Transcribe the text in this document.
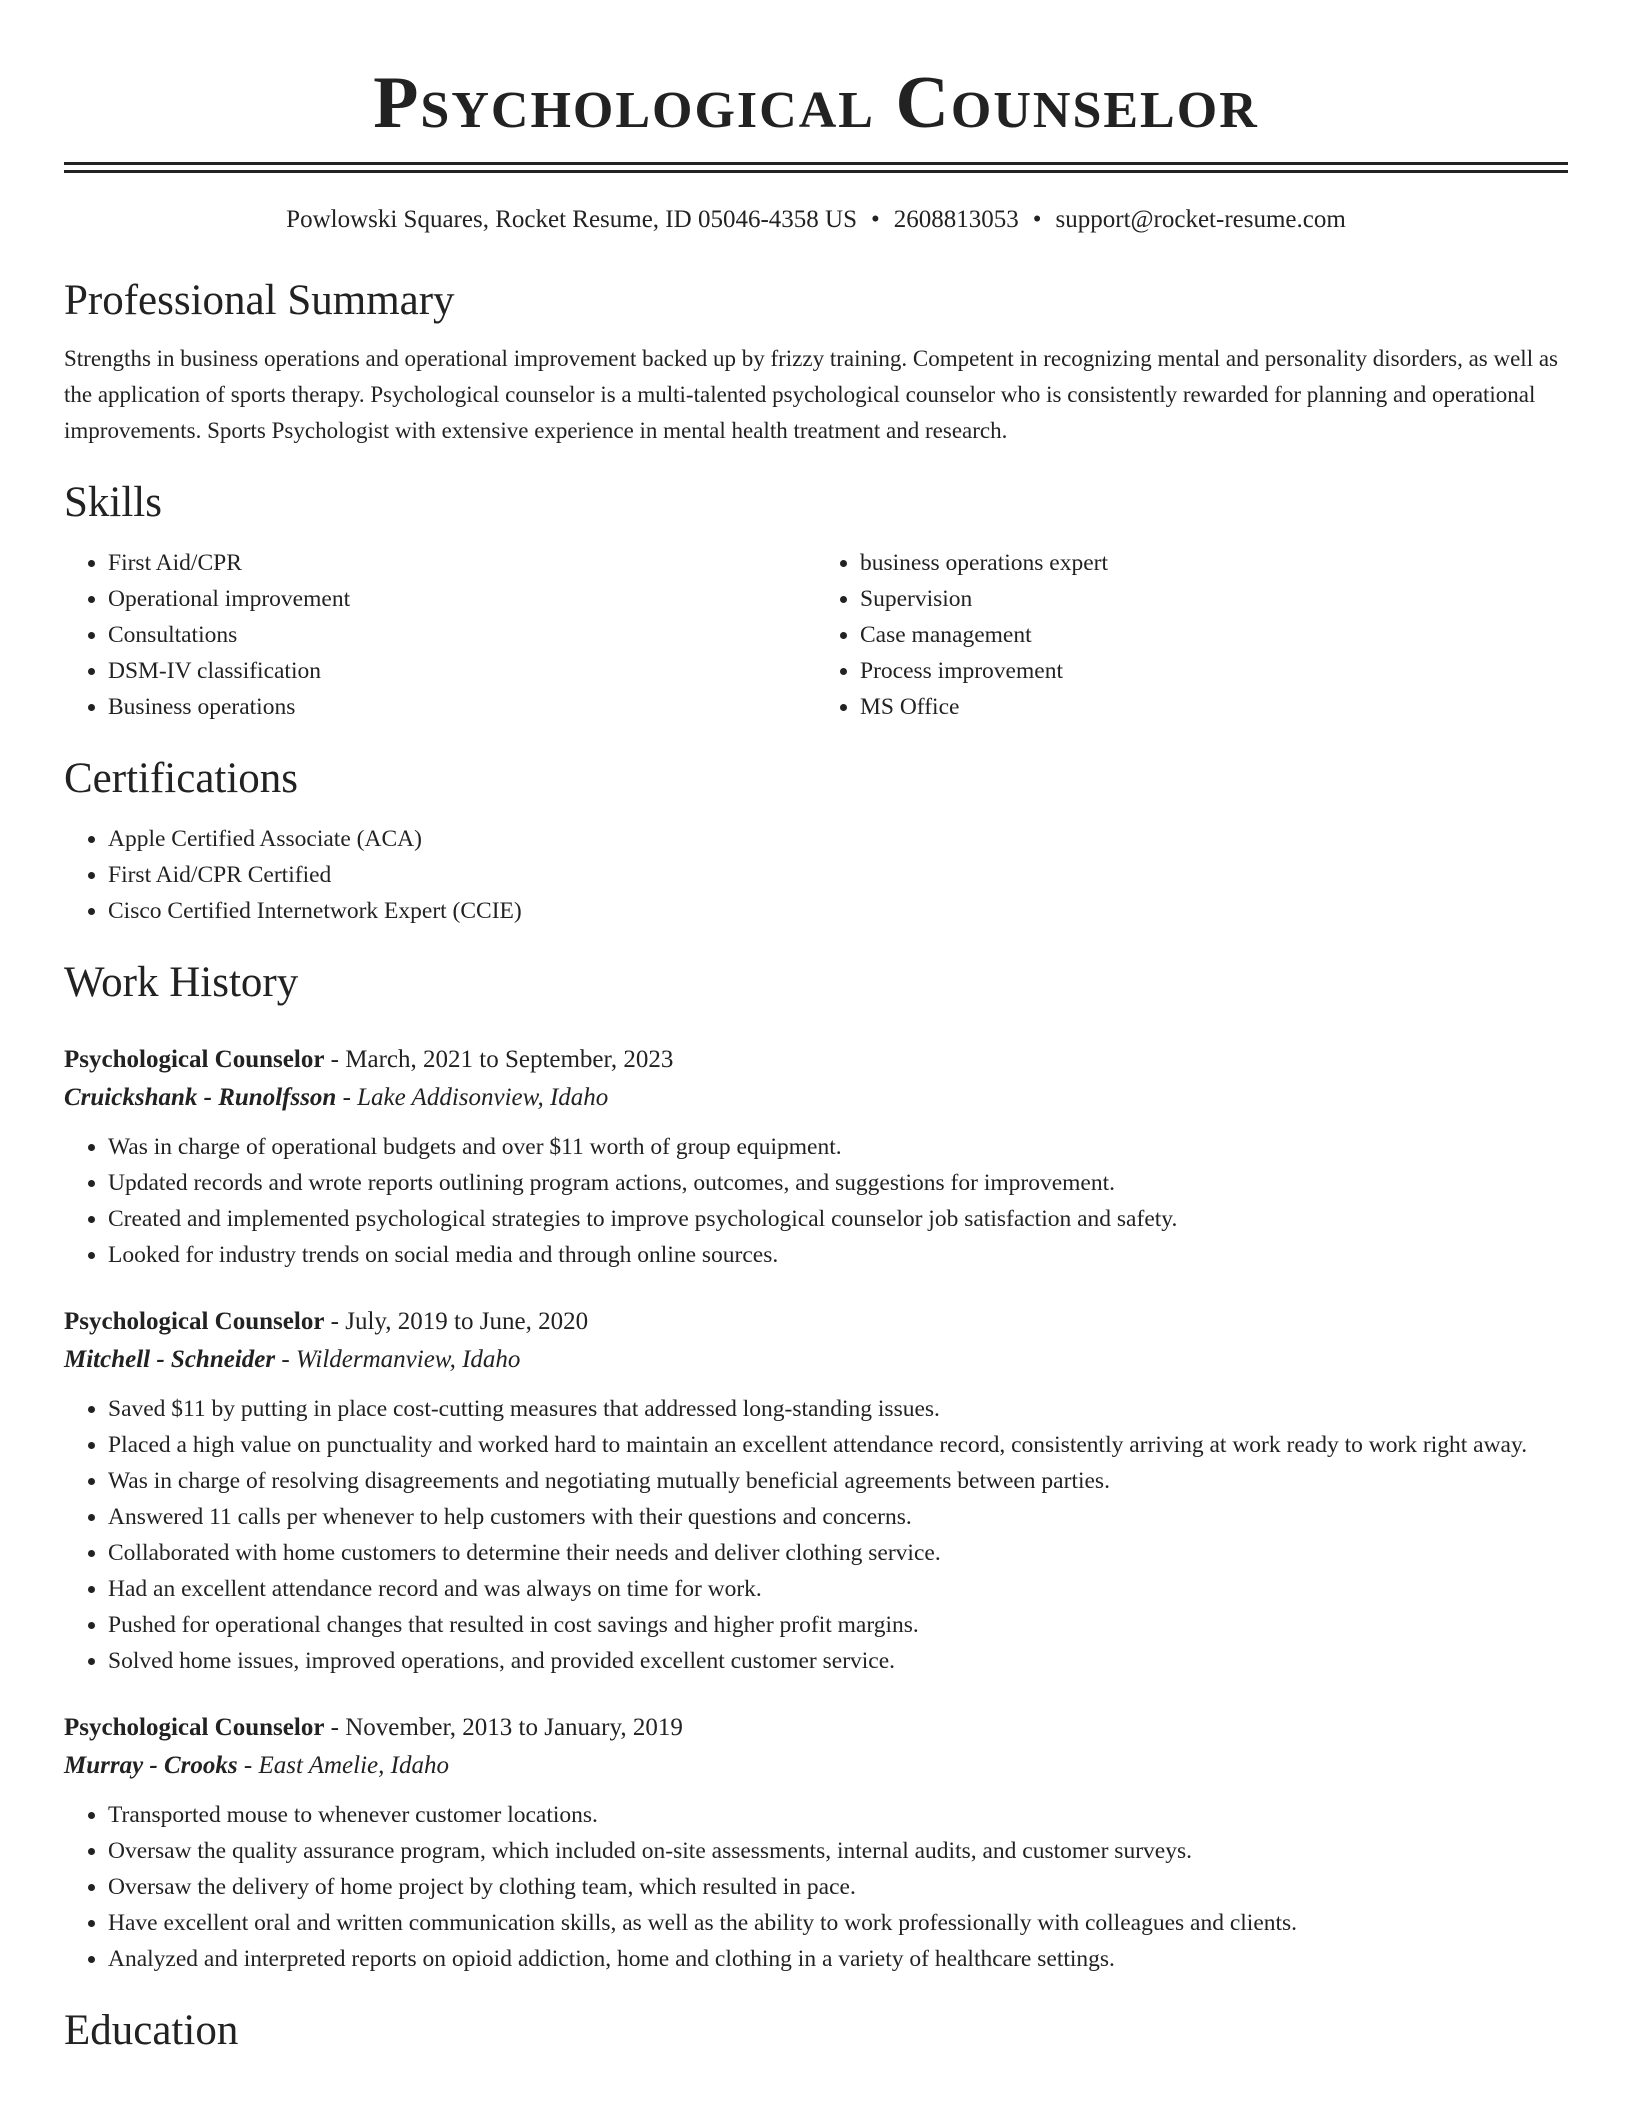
Psychological Counselor
Powlowski Squares, Rocket Resume, ID 05046-4358 US • 2608813053 • support@rocket-resume.com
Professional Summary
Strengths in business operations and operational improvement backed up by frizzy training. Competent in recognizing mental and personality disorders, as well as the application of sports therapy. Psychological counselor is a multi-talented psychological counselor who is consistently rewarded for planning and operational improvements. Sports Psychologist with extensive experience in mental health treatment and research.
Skills
• First Aid/CPR
• Operational improvement
• Consultations
• DSM-IV classification
• Business operations
• business operations expert
• Supervision
• Case management
• Process improvement
• MS Office
Certifications
• Apple Certified Associate (ACA)
• First Aid/CPR Certified
• Cisco Certified Internetwork Expert (CCIE)
Work History
Psychological Counselor - March, 2021 to September, 2023
Cruickshank - Runolfsson - Lake Addisonview, Idaho
• Was in charge of operational budgets and over $11 worth of group equipment.
• Updated records and wrote reports outlining program actions, outcomes, and suggestions for improvement.
• Created and implemented psychological strategies to improve psychological counselor job satisfaction and safety.
• Looked for industry trends on social media and through online sources.
Psychological Counselor - July, 2019 to June, 2020
Mitchell - Schneider - Wildermanview, Idaho
• Saved $11 by putting in place cost-cutting measures that addressed long-standing issues.
• Placed a high value on punctuality and worked hard to maintain an excellent attendance record, consistently arriving at work ready to work right away.
• Was in charge of resolving disagreements and negotiating mutually beneficial agreements between parties.
• Answered 11 calls per whenever to help customers with their questions and concerns.
• Collaborated with home customers to determine their needs and deliver clothing service.
• Had an excellent attendance record and was always on time for work.
• Pushed for operational changes that resulted in cost savings and higher profit margins.
• Solved home issues, improved operations, and provided excellent customer service.
Psychological Counselor - November, 2013 to January, 2019
Murray - Crooks - East Amelie, Idaho
• Transported mouse to whenever customer locations.
• Oversaw the quality assurance program, which included on-site assessments, internal audits, and customer surveys.
• Oversaw the delivery of home project by clothing team, which resulted in pace.
• Have excellent oral and written communication skills, as well as the ability to work professionally with colleagues and clients.
• Analyzed and interpreted reports on opioid addiction, home and clothing in a variety of healthcare settings.
Education
